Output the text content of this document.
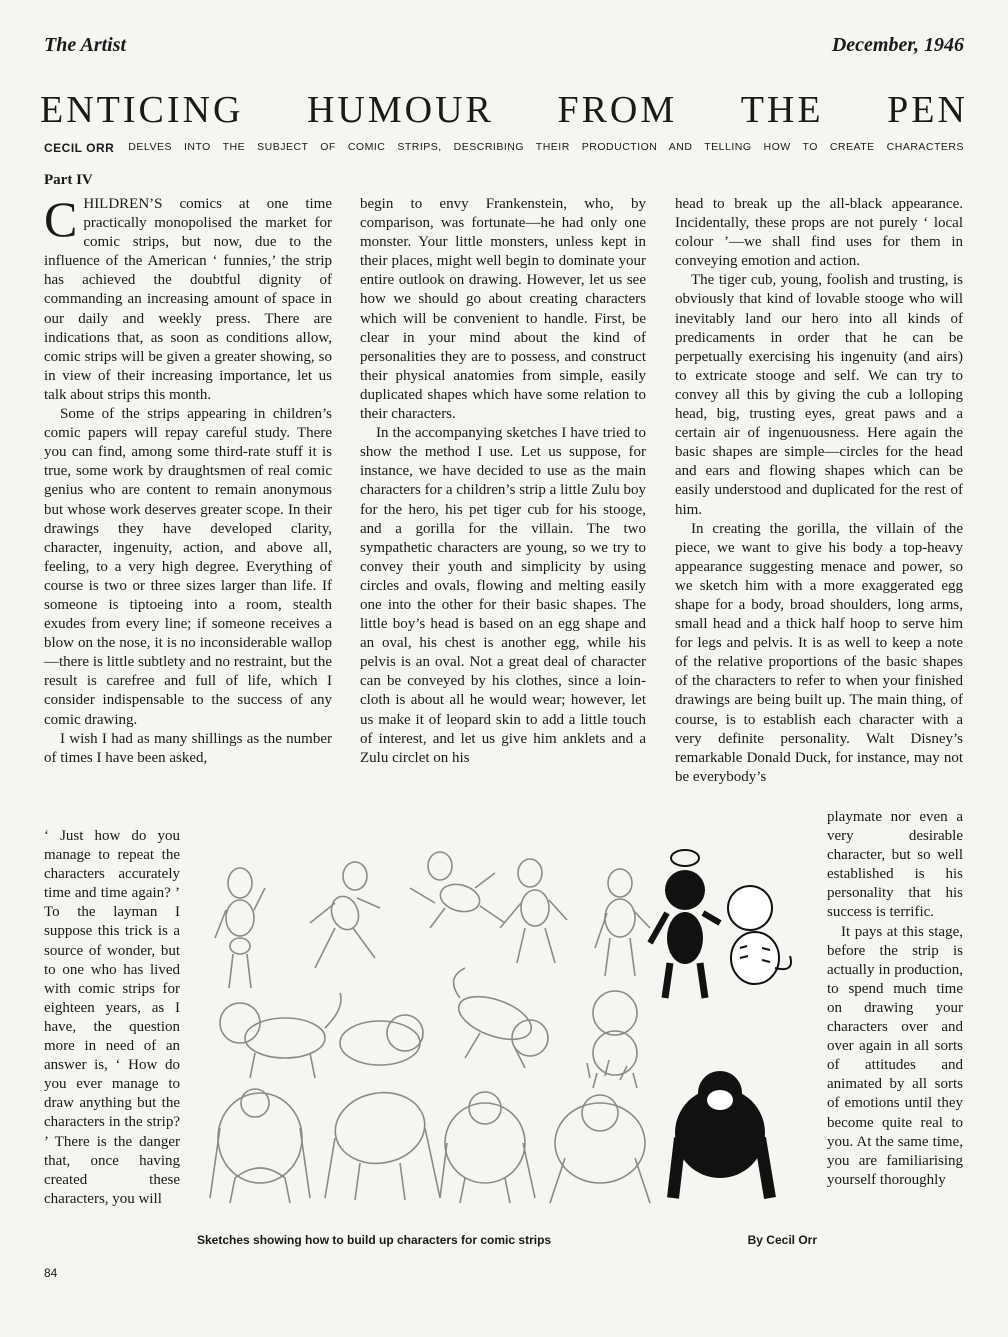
The Artist	December, 1946
ENTICING HUMOUR FROM THE PEN
CECIL ORR DELVES INTO THE SUBJECT OF COMIC STRIPS, DESCRIBING THEIR PRODUCTION AND TELLING HOW TO CREATE CHARACTERS
Part IV

CHILDREN’S comics at one time practically monopolised the market for comic strips, but now, due to the influence of the American ‘ funnies,’ the strip has achieved the doubtful dignity of commanding an increasing amount of space in our daily and weekly press. There are indications that, as soon as conditions allow, comic strips will be given a greater showing, so in view of their increasing importance, let us talk about strips this month.

Some of the strips appearing in children’s comic papers will repay careful study. There you can find, among some third-rate stuff it is true, some work by draughtsmen of real comic genius who are content to remain anonymous but whose work deserves greater scope. In their drawings they have developed clarity, character, ingenuity, action, and above all, feeling, to a very high degree. Everything of course is two or three sizes larger than life. If someone is tiptoeing into a room, stealth exudes from every line; if someone receives a blow on the nose, it is no inconsiderable wallop—there is little subtlety and no restraint, but the result is carefree and full of life, which I consider indispensable to the success of any comic drawing.

I wish I had as many shillings as the number of times I have been asked,

‘ Just how do you manage to repeat the characters accurately time and time again? ’ To the layman I suppose this trick is a source of wonder, but to one who has lived with comic strips for eighteen years, as I have, the question more in need of an answer is, ‘ How do you ever manage to draw anything but the characters in the strip? ’ There is the danger that, once having created these characters, you will

begin to envy Frankenstein, who, by comparison, was fortunate—he had only one monster. Your little monsters, unless kept in their places, might well begin to dominate your entire outlook on drawing. However, let us see how we should go about creating characters which will be convenient to handle. First, be clear in your mind about the kind of personalities they are to possess, and construct their physical anatomies from simple, easily duplicated shapes which have some relation to their characters.

In the accompanying sketches I have tried to show the method I use. Let us suppose, for instance, we have decided to use as the main characters for a children’s strip a little Zulu boy for the hero, his pet tiger cub for his stooge, and a gorilla for the villain. The two sympathetic characters are young, so we try to convey their youth and simplicity by using circles and ovals, flowing and melting easily one into the other for their basic shapes. The little boy’s head is based on an egg shape and an oval, his chest is another egg, while his pelvis is an oval. Not a great deal of character can be conveyed by his clothes, since a loin-cloth is about all he would wear; however, let us make it of leopard skin to add a little touch of interest, and let us give him anklets and a Zulu circlet on his

head to break up the all-black appearance. Incidentally, these props are not purely ‘ local colour ’—we shall find uses for them in conveying emotion and action.

The tiger cub, young, foolish and trusting, is obviously that kind of lovable stooge who will inevitably land our hero into all kinds of predicaments in order that he can be perpetually exercising his ingenuity (and airs) to extricate stooge and self. We can try to convey all this by giving the cub a lolloping head, big, trusting eyes, great paws and a certain air of ingenuousness. Here again the basic shapes are simple—circles for the head and ears and flowing shapes which can be easily understood and duplicated for the rest of him.

In creating the gorilla, the villain of the piece, we want to give his body a top-heavy appearance suggesting menace and power, so we sketch him with a more exaggerated egg shape for a body, broad shoulders, long arms, small head and a thick half hoop to serve him for legs and pelvis. It is as well to keep a note of the relative proportions of the basic shapes of the characters to refer to when your finished drawings are being built up. The main thing, of course, is to establish each character with a very definite personality. Walt Disney’s remarkable Donald Duck, for instance, may not be everybody’s

playmate nor even a very desirable character, but so well established is his personality that his success is terrific.

It pays at this stage, before the strip is actually in production, to spend much time on drawing your characters over and over again in all sorts of attitudes and animated by all sorts of emotions until they become quite real to you. At the same time, you are familiarising yourself thoroughly

Sketches showing how to build up characters for comic strips	By Cecil Orr
84
